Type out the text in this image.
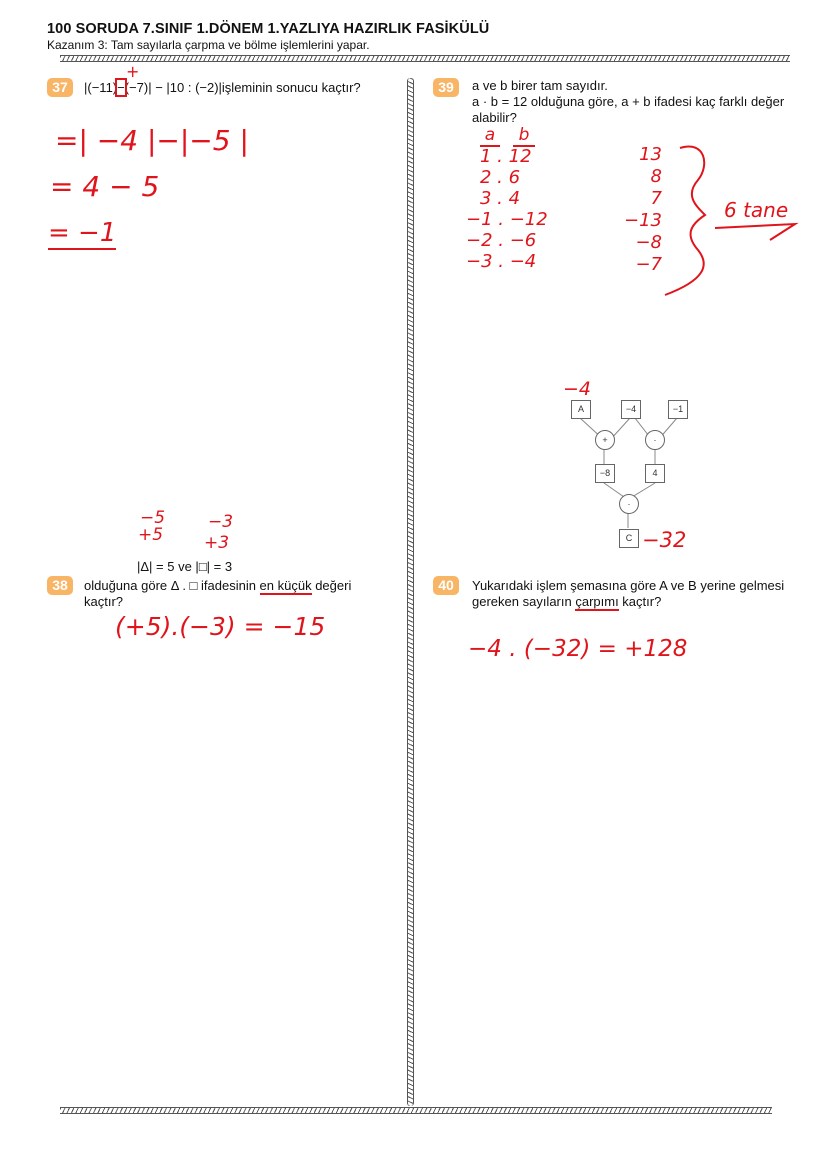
100 SORUDA 7.SINIF 1.DÖNEM 1.YAZLIYA HAZIRLIK FASİKÜLÜ
Kazanım 3: Tam sayılarla çarpma ve bölme işlemlerini yapar.
37	|(−11)−(−7)| − |10 : (−2)|işleminin sonucu kaçtır?
+
=| −4 |−|−5 |
= 4 − 5
= −1
−5
+5
−3
+3
|Δ| = 5 ve |□| = 3
38	olduğuna göre Δ . □ ifadesinin en küçük değeri
kaçtır?
(+5).(−3) = −15
39	a ve b birer tam sayıdır.
a · b = 12 olduğuna göre, a + b ifadesi kaç farklı değer
alabilir?
a	b
1 . 12
2 . 6
3 . 4
−1 . −12
−2 . −6
−3 . −4
13
8
7
−13
−8
−7
6 tane
A	−4	−1
+	·
−8	4
·
C
−4
−32
40	Yukarıdaki işlem şemasına göre A ve B yerine gelmesi
gereken sayıların çarpımı kaçtır?
−4 . (−32) = +128
